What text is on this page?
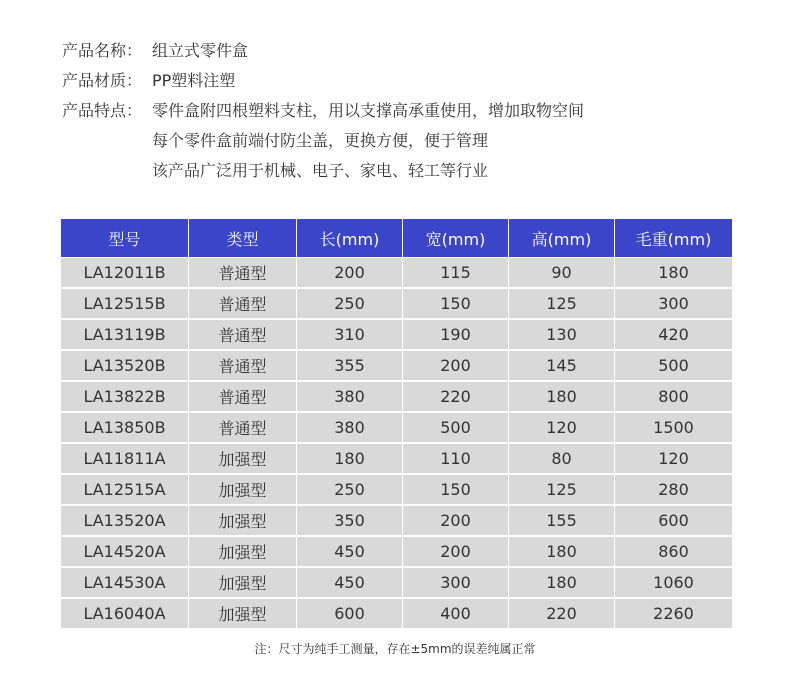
产品名称： 组立式零件盒
产品材质： PP塑料注塑
产品特点： 零件盒附四根塑料支柱，用以支撑高承重使用，增加取物空间
每个零件盒前端付防尘盖，更换方便，便于管理
该产品广泛用于机械、电子、家电、轻工等行业
型号	类型	长(mm)	宽(mm)	高(mm)	毛重(mm)
LA12011B	普通型	200	115	90	180
LA12515B	普通型	250	150	125	300
LA13119B	普通型	310	190	130	420
LA13520B	普通型	355	200	145	500
LA13822B	普通型	380	220	180	800
LA13850B	普通型	380	500	120	1500
LA11811A	加强型	180	110	80	120
LA12515A	加强型	250	150	125	280
LA13520A	加强型	350	200	155	600
LA14520A	加强型	450	200	180	860
LA14530A	加强型	450	300	180	1060
LA16040A	加强型	600	400	220	2260
注：尺寸为纯手工测量，存在±5mm的误差纯属正常
